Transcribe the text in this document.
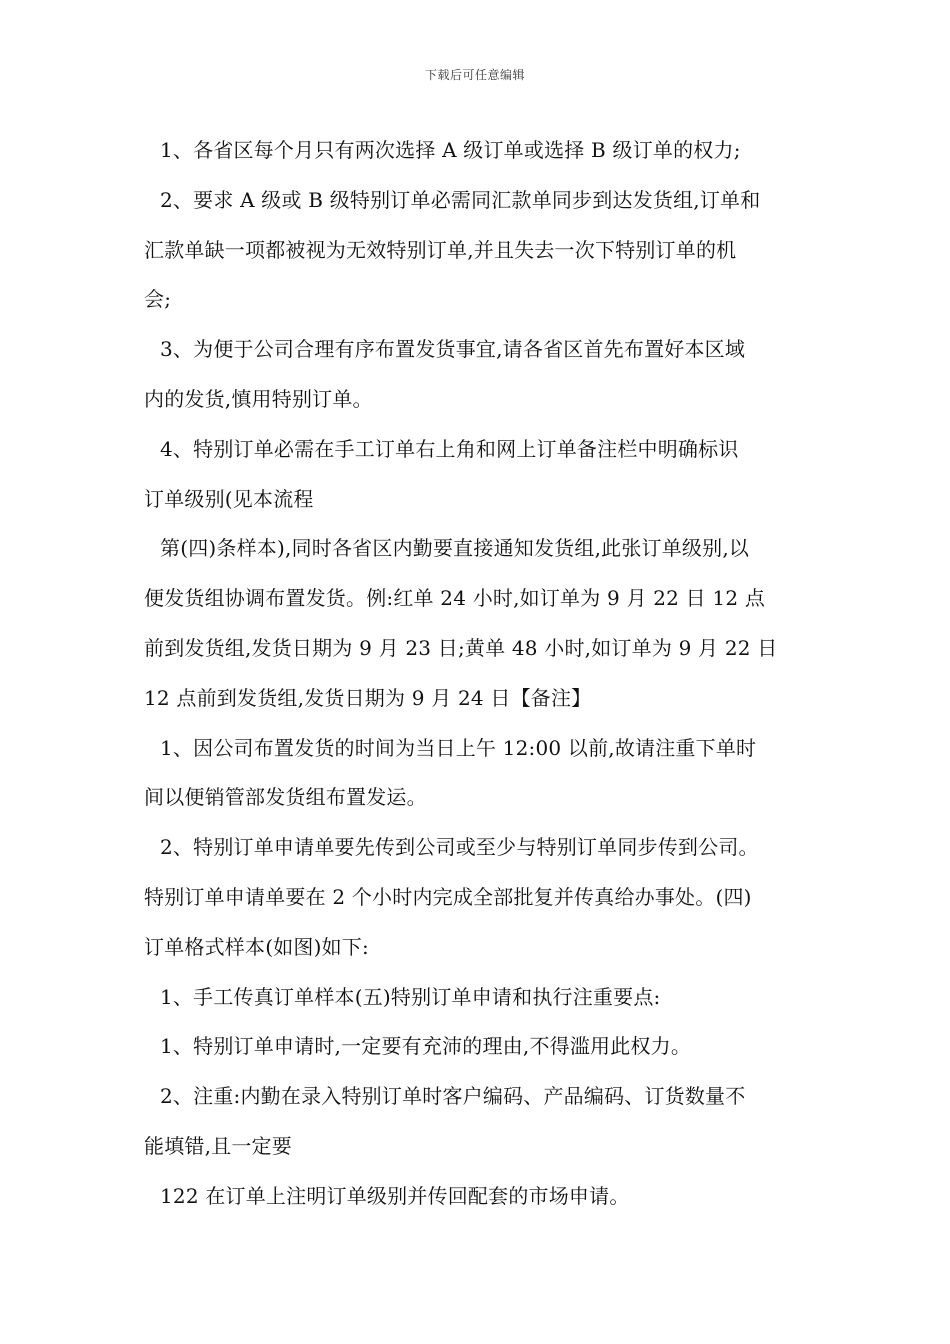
下载后可任意编辑
1、各省区每个月只有两次选择 A 级订单或选择 B 级订单的权力;
2、要求 A 级或 B 级特别订单必需同汇款单同步到达发货组,订单和
汇款单缺一项都被视为无效特别订单,并且失去一次下特别订单的机
会;
3、为便于公司合理有序布置发货事宜,请各省区首先布置好本区域
内的发货,慎用特别订单。
4、特别订单必需在手工订单右上角和网上订单备注栏中明确标识
订单级别(见本流程
第(四)条样本),同时各省区内勤要直接通知发货组,此张订单级别,以
便发货组协调布置发货。例:红单 24 小时,如订单为 9 月 22 日 12 点
前到发货组,发货日期为 9 月 23 日;黄单 48 小时,如订单为 9 月 22 日
12 点前到发货组,发货日期为 9 月 24 日【备注】
1、因公司布置发货的时间为当日上午 12:00 以前,故请注重下单时
间以便销管部发货组布置发运。
2、特别订单申请单要先传到公司或至少与特别订单同步传到公司。
特别订单申请单要在 2 个小时内完成全部批复并传真给办事处。(四)
订单格式样本(如图)如下:
1、手工传真订单样本(五)特别订单申请和执行注重要点:
1、特别订单申请时,一定要有充沛的理由,不得滥用此权力。
2、注重:内勤在录入特别订单时客户编码、产品编码、订货数量不
能填错,且一定要
122 在订单上注明订单级别并传回配套的市场申请。
